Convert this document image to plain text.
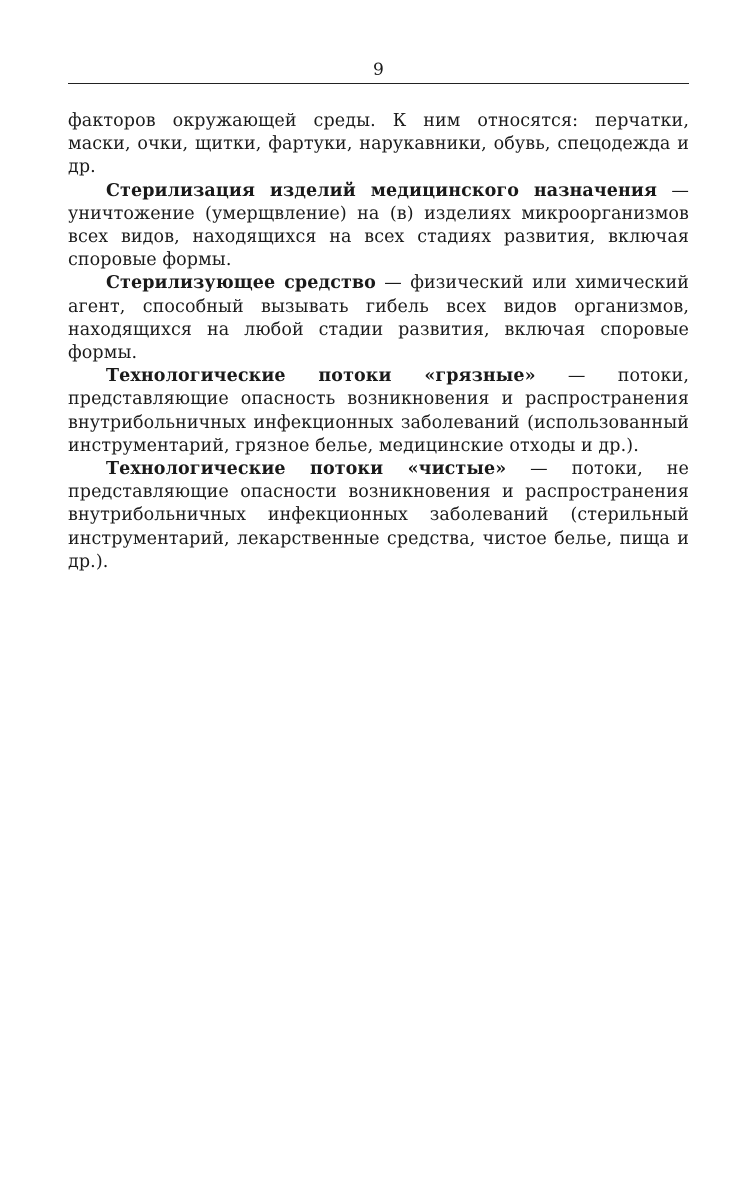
9

факторов окружающей среды. К ним относятся: перчатки, маски, очки, щитки, фартуки, нарукавники, обувь, спецодежда и др.

Стерилизация изделий медицинского назначения — уничтожение (умерщвление) на (в) изделиях микроорганизмов всех видов, находящихся на всех стадиях развития, включая споровые формы.

Стерилизующее средство — физический или химический агент, способный вызывать гибель всех видов организмов, находящихся на любой стадии развития, включая споровые формы.

Технологические потоки «грязные» — потоки, представляющие опасность возникновения и распространения внутрибольничных инфекционных заболеваний (использованный инструментарий, грязное белье, медицинские отходы и др.).

Технологические потоки «чистые» — потоки, не представляющие опасности возникновения и распространения внутрибольничных инфекционных заболеваний (стерильный инструментарий, лекарственные средства, чистое белье, пища и др.).
